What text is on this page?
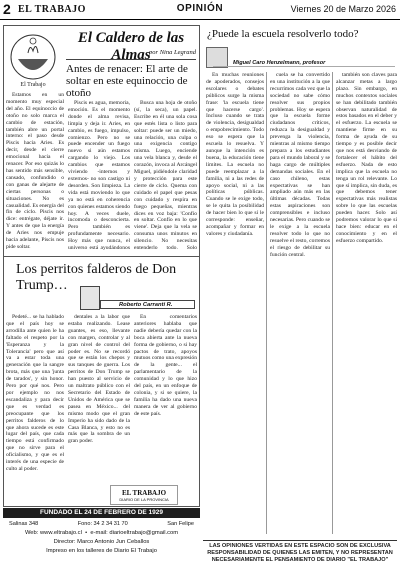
2 EL TRABAJO	OPINIÓN	Viernes 20 de Marzo 2026
El Trabajo
El Caldero de las Almas
por Nina Legrand
Antes de renacer: El arte de soltar en este equinoccio de otoño

Estamos en un momento muy especial del año. El equinoccio de otoño no solo marca el cambio de estación, también abre un portal interno: el paso desde Piscis hacia Aries. Es decir, desde el cierre emocional hacia el renacer. Por eso quizás lo has sentido más sensible, cansado, confundido o con ganas de alejarte de ciertas personas o situaciones. No es casualidad. Es energía del fin de ciclo. Piscis nos dice: entrégate, déjate ir. Y antes de que la energía de Aries nos empuje hacia adelante, Piscis nos pide soltar.

Piscis es agua, memoria, emoción. Es el momento donde el alma revisa, limpia y deja ir. Aries, en cambio, es fuego, impulso, comienzo. Pero no se puede encender un fuego nuevo si aún estamos cargando lo viejo. Los cambios que estamos viviendo -internos y externos- no son castigo ni desorden. Son limpieza. La vida está moviendo lo que ya no está en coherencia con quienes estamos siendo hoy. A veces duele, incomoda o desconcierta. Pero también es profundamente necesario. Hoy más que nunca, el universo está ayudándonos

Busca una hoja de otoño (sí, la seca), un papel. Escribe en él una sola cosa que estés lista o listo para soltar: puede ser un miedo, una relación, una culpa o una exigencia contigo misma. Luego, enciende una vela blanca y, desde el corazón, invoca al Arcángel Miguel, pidiéndole claridad y protección para este cierre de ciclo. Quema con cuidado el papel que pesas con cuidado y respira en fuego pequeñas, mientras dices en voz baja: 'Confío en soltar. Confío en lo que viene'. Deja que la vela se consuma unos minutos en silencio. No necesitas entenderlo todo. Solo

Los perritos falderos de Don Trump…
Roberto Carranti R.

Pedeté... se ha hablado que el país hoy se arrodilla ante quien le ha faltado el respeto por la 'Esperanza y la Tolerancia' pero que así va a estar toda una generación que la sangre brota, más que una 'junta de tarados', y sin honor. Pero por qué nos. Pero por ejemplo no nos escandaliza y para decir que es verdad es preocupante que los perritos falderos de lo que ahora sucede es este lugar del país, que cada tiempo está confirmado que no sirve para el oficialismo, y que es el interés de una especie de culto al poder.

dentales a la labor que estaba realizando. Lease guantes, es eso, llevante con margen, controlar y al gran nivel de control del poder es. No se recordó que se están los chepos y sus tanques de guerra. Los perritos de Don Trump se han puesto al servicio de un maltrato público con el Secretario del Estado de Unidos de América que se pasea en México... del mismo modo que el gran Imperio ha sido dado de la Casa Blanca, y esto no es más que la sombra de un gran poder.

En comentarios anteriores hablaba que nadie debería quedar con la boca abierta ante la nueva forma de gobierno, o si hay pactos de trato, apoyos mutuos como una expresión de la gente... el parlamentario de la comunidad y lo que hizo del país, en un enfoque de colonia, y si se quiere, la familia ha dado una nueva manera de ver al gobierno de este país.

EL TRABAJO
DIARIO DE LA PROVINCIA
FUNDADO EL 24 DE FEBRERO DE 1929
Salinas 348	Fono: 34 2 34 31 70	San Felipe
Web: www.eltrabajo.cl  •  e-mail: diarioeltrabajo@gmail.com
Director: Marco Antonio Jun Ceballos
Impreso en los talleres de Diario El Trabajo
¿Puede la escuela resolverlo todo?
Miguel Caro Henzelmann, profesor

En muchas reuniones de apoderados, consejos escolares o debates públicos surge la misma frase: 'la escuela tiene que hacerse cargo'. Incluso cuando se trata de violencia, desigualdad o empobrecimiento. Todo eso se espera que la escuela lo resuelva. Y aunque la intención es buena, la educación tiene límites. La escuela no puede reemplazar a la familia, ni a las redes de apoyo social, ni a las políticas públicas. Cuando se le exige todo, se le quita la posibilidad de hacer bien lo que sí le corresponde: enseñar, acompañar y formar en valores y ciudadanía.

cuela se ha convertido en una institución a la que recurrimos cada vez que la sociedad no sabe cómo resolver sus propios problemas. Hoy se espera que la escuela forme ciudadanos críticos, reduzca la desigualdad y prevenga la violencia, mientras al mismo tiempo prepara a los estudiantes para el mundo laboral y se haga cargo de múltiples demandas sociales. En el caso chileno, estas expectativas se han ampliado aún más en las últimas décadas. Todas estas aspiraciones son comprensibles e incluso necesarias. Pero cuando se le exige a la escuela resolver todo lo que no resuelve el resto, corremos el riesgo de debilitar su función central.

también son claves para alcanzar metas a largo plazo. Sin embargo, en muchos contextos sociales se han debilitado también observan naturalidad de estos basados en el deber y el esfuerzo. La escuela se mantiene firme en su forma de ayuda de su tiempo y es posible decir que nos está desviando de fortalecer el hábito del esfuerzo. Nada de esto implica que la escuela no tenga un rol relevante. Lo que sí implica, sin duda, es que debemos tener expectativas más realistas sobre lo que las escuelas pueden hacer. Solo así podremos valorar lo que sí hace bien: educar en el conocimiento y en el esfuerzo compartido.

LAS OPINIONES VERTIDAS EN ESTE ESPACIO SON DE EXCLUSIVA RESPONSABILIDAD DE QUIENES LAS EMITEN, Y NO REPRESENTAN NECESARIAMENTE EL PENSAMIENTO DE DIARIO "EL TRABAJO"
